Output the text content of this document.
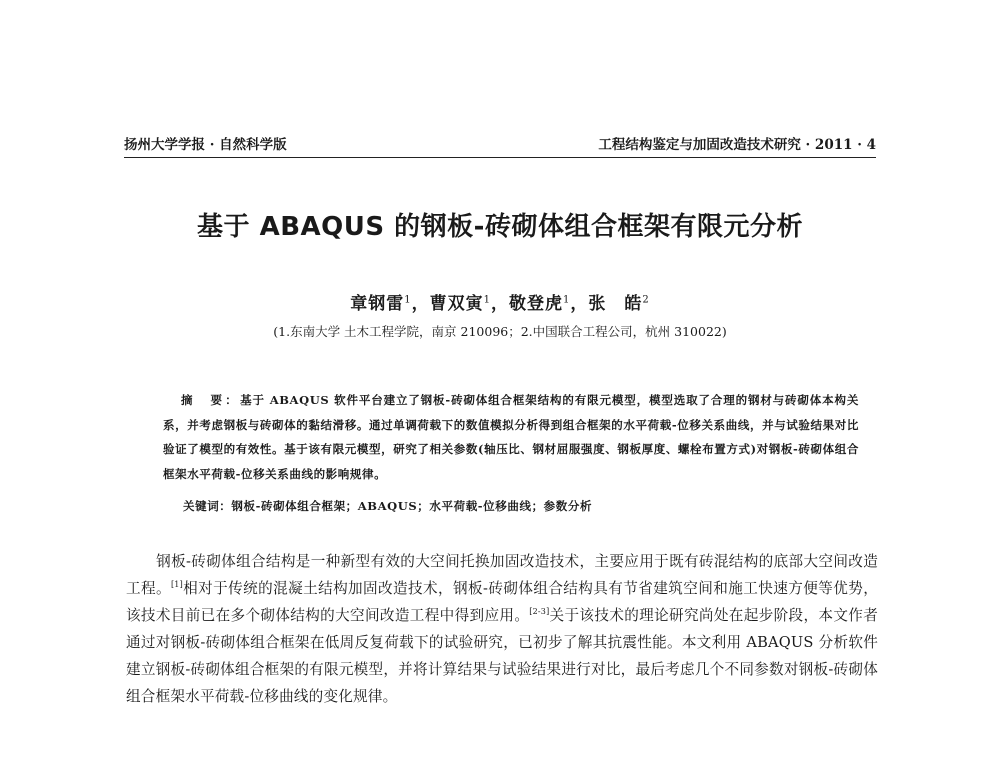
扬州大学学报 · 自然科学版	工程结构鉴定与加固改造技术研究 · 2011 · 4
基于 ABAQUS 的钢板-砖砌体组合框架有限元分析
章钢雷$^1$，曹双寅$^1$，敬登虎$^1$，张　皓$^2$
(1.东南大学 土木工程学院，南京 210096；2.中国联合工程公司，杭州 310022)

摘　要：基于 ABAQUS 软件平台建立了钢板-砖砌体组合框架结构的有限元模型，模型选取了合理的钢材与砖砌体本构关系，并考虑钢板与砖砌体的黏结滑移。通过单调荷载下的数值模拟分析得到组合框架的水平荷载-位移关系曲线，并与试验结果对比验证了模型的有效性。基于该有限元模型，研究了相关参数(轴压比、钢材屈服强度、钢板厚度、螺栓布置方式)对钢板-砖砌体组合框架水平荷载-位移关系曲线的影响规律。

关键词：钢板-砖砌体组合框架；ABAQUS；水平荷载-位移曲线；参数分析

钢板-砖砌体组合结构是一种新型有效的大空间托换加固改造技术，主要应用于既有砖混结构的底部大空间改造工程。[1]相对于传统的混凝土结构加固改造技术，钢板-砖砌体组合结构具有节省建筑空间和施工快速方便等优势，该技术目前已在多个砌体结构的大空间改造工程中得到应用。[2-3]关于该技术的理论研究尚处在起步阶段，本文作者通过对钢板-砖砌体组合框架在低周反复荷载下的试验研究，已初步了解其抗震性能。本文利用 ABAQUS 分析软件建立钢板-砖砌体组合框架的有限元模型，并将计算结果与试验结果进行对比，最后考虑几个不同参数对钢板-砖砌体组合框架水平荷载-位移曲线的变化规律。
